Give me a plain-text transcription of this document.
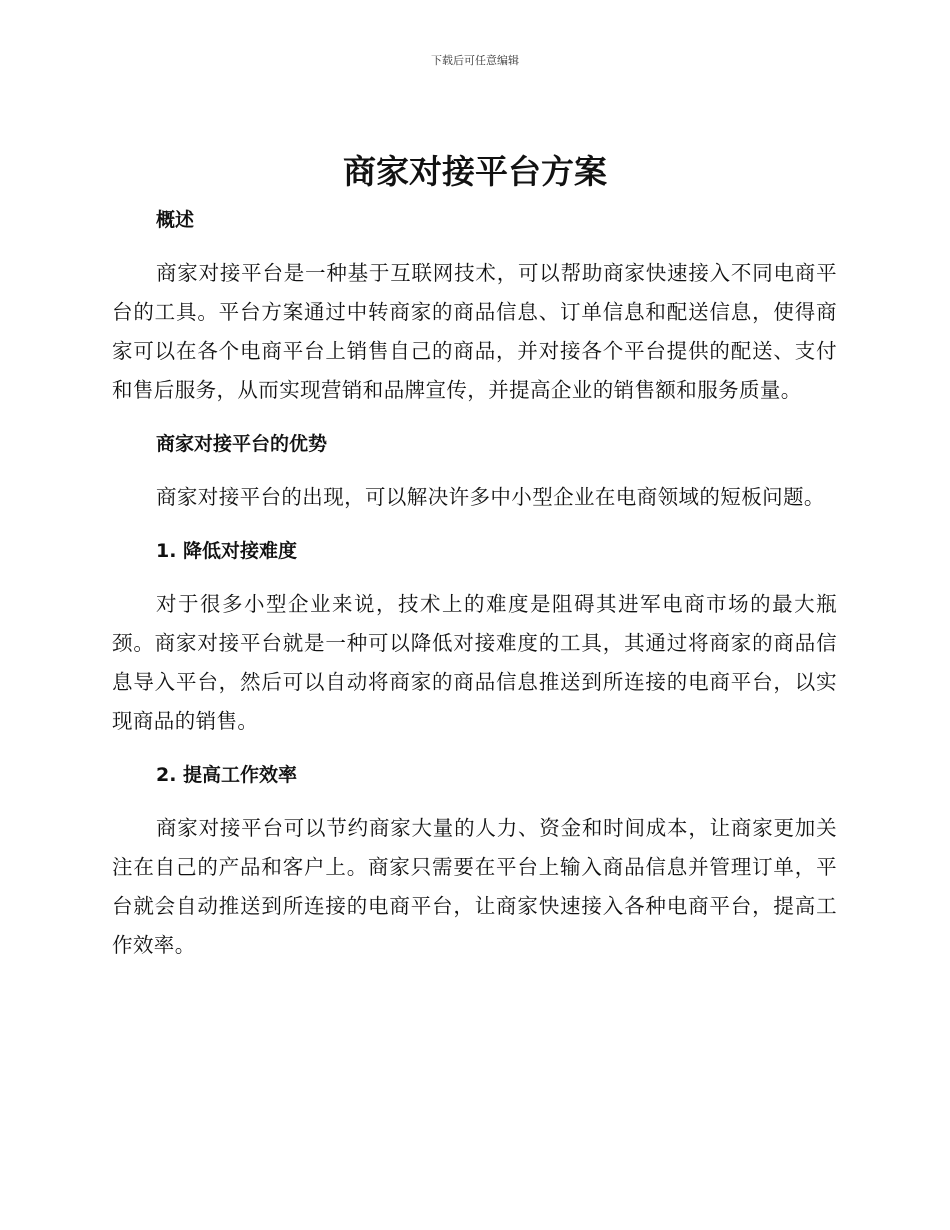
下载后可任意编辑
商家对接平台方案
概述

商家对接平台是一种基于互联网技术，可以帮助商家快速接入不同电商平台的工具。平台方案通过中转商家的商品信息、订单信息和配送信息，使得商家可以在各个电商平台上销售自己的商品，并对接各个平台提供的配送、支付和售后服务，从而实现营销和品牌宣传，并提高企业的销售额和服务质量。

商家对接平台的优势

商家对接平台的出现，可以解决许多中小型企业在电商领域的短板问题。

1. 降低对接难度

对于很多小型企业来说，技术上的难度是阻碍其进军电商市场的最大瓶颈。商家对接平台就是一种可以降低对接难度的工具，其通过将商家的商品信息导入平台，然后可以自动将商家的商品信息推送到所连接的电商平台，以实现商品的销售。

2. 提高工作效率

商家对接平台可以节约商家大量的人力、资金和时间成本，让商家更加关注在自己的产品和客户上。商家只需要在平台上输入商品信息并管理订单，平台就会自动推送到所连接的电商平台，让商家快速接入各种电商平台，提高工作效率。
